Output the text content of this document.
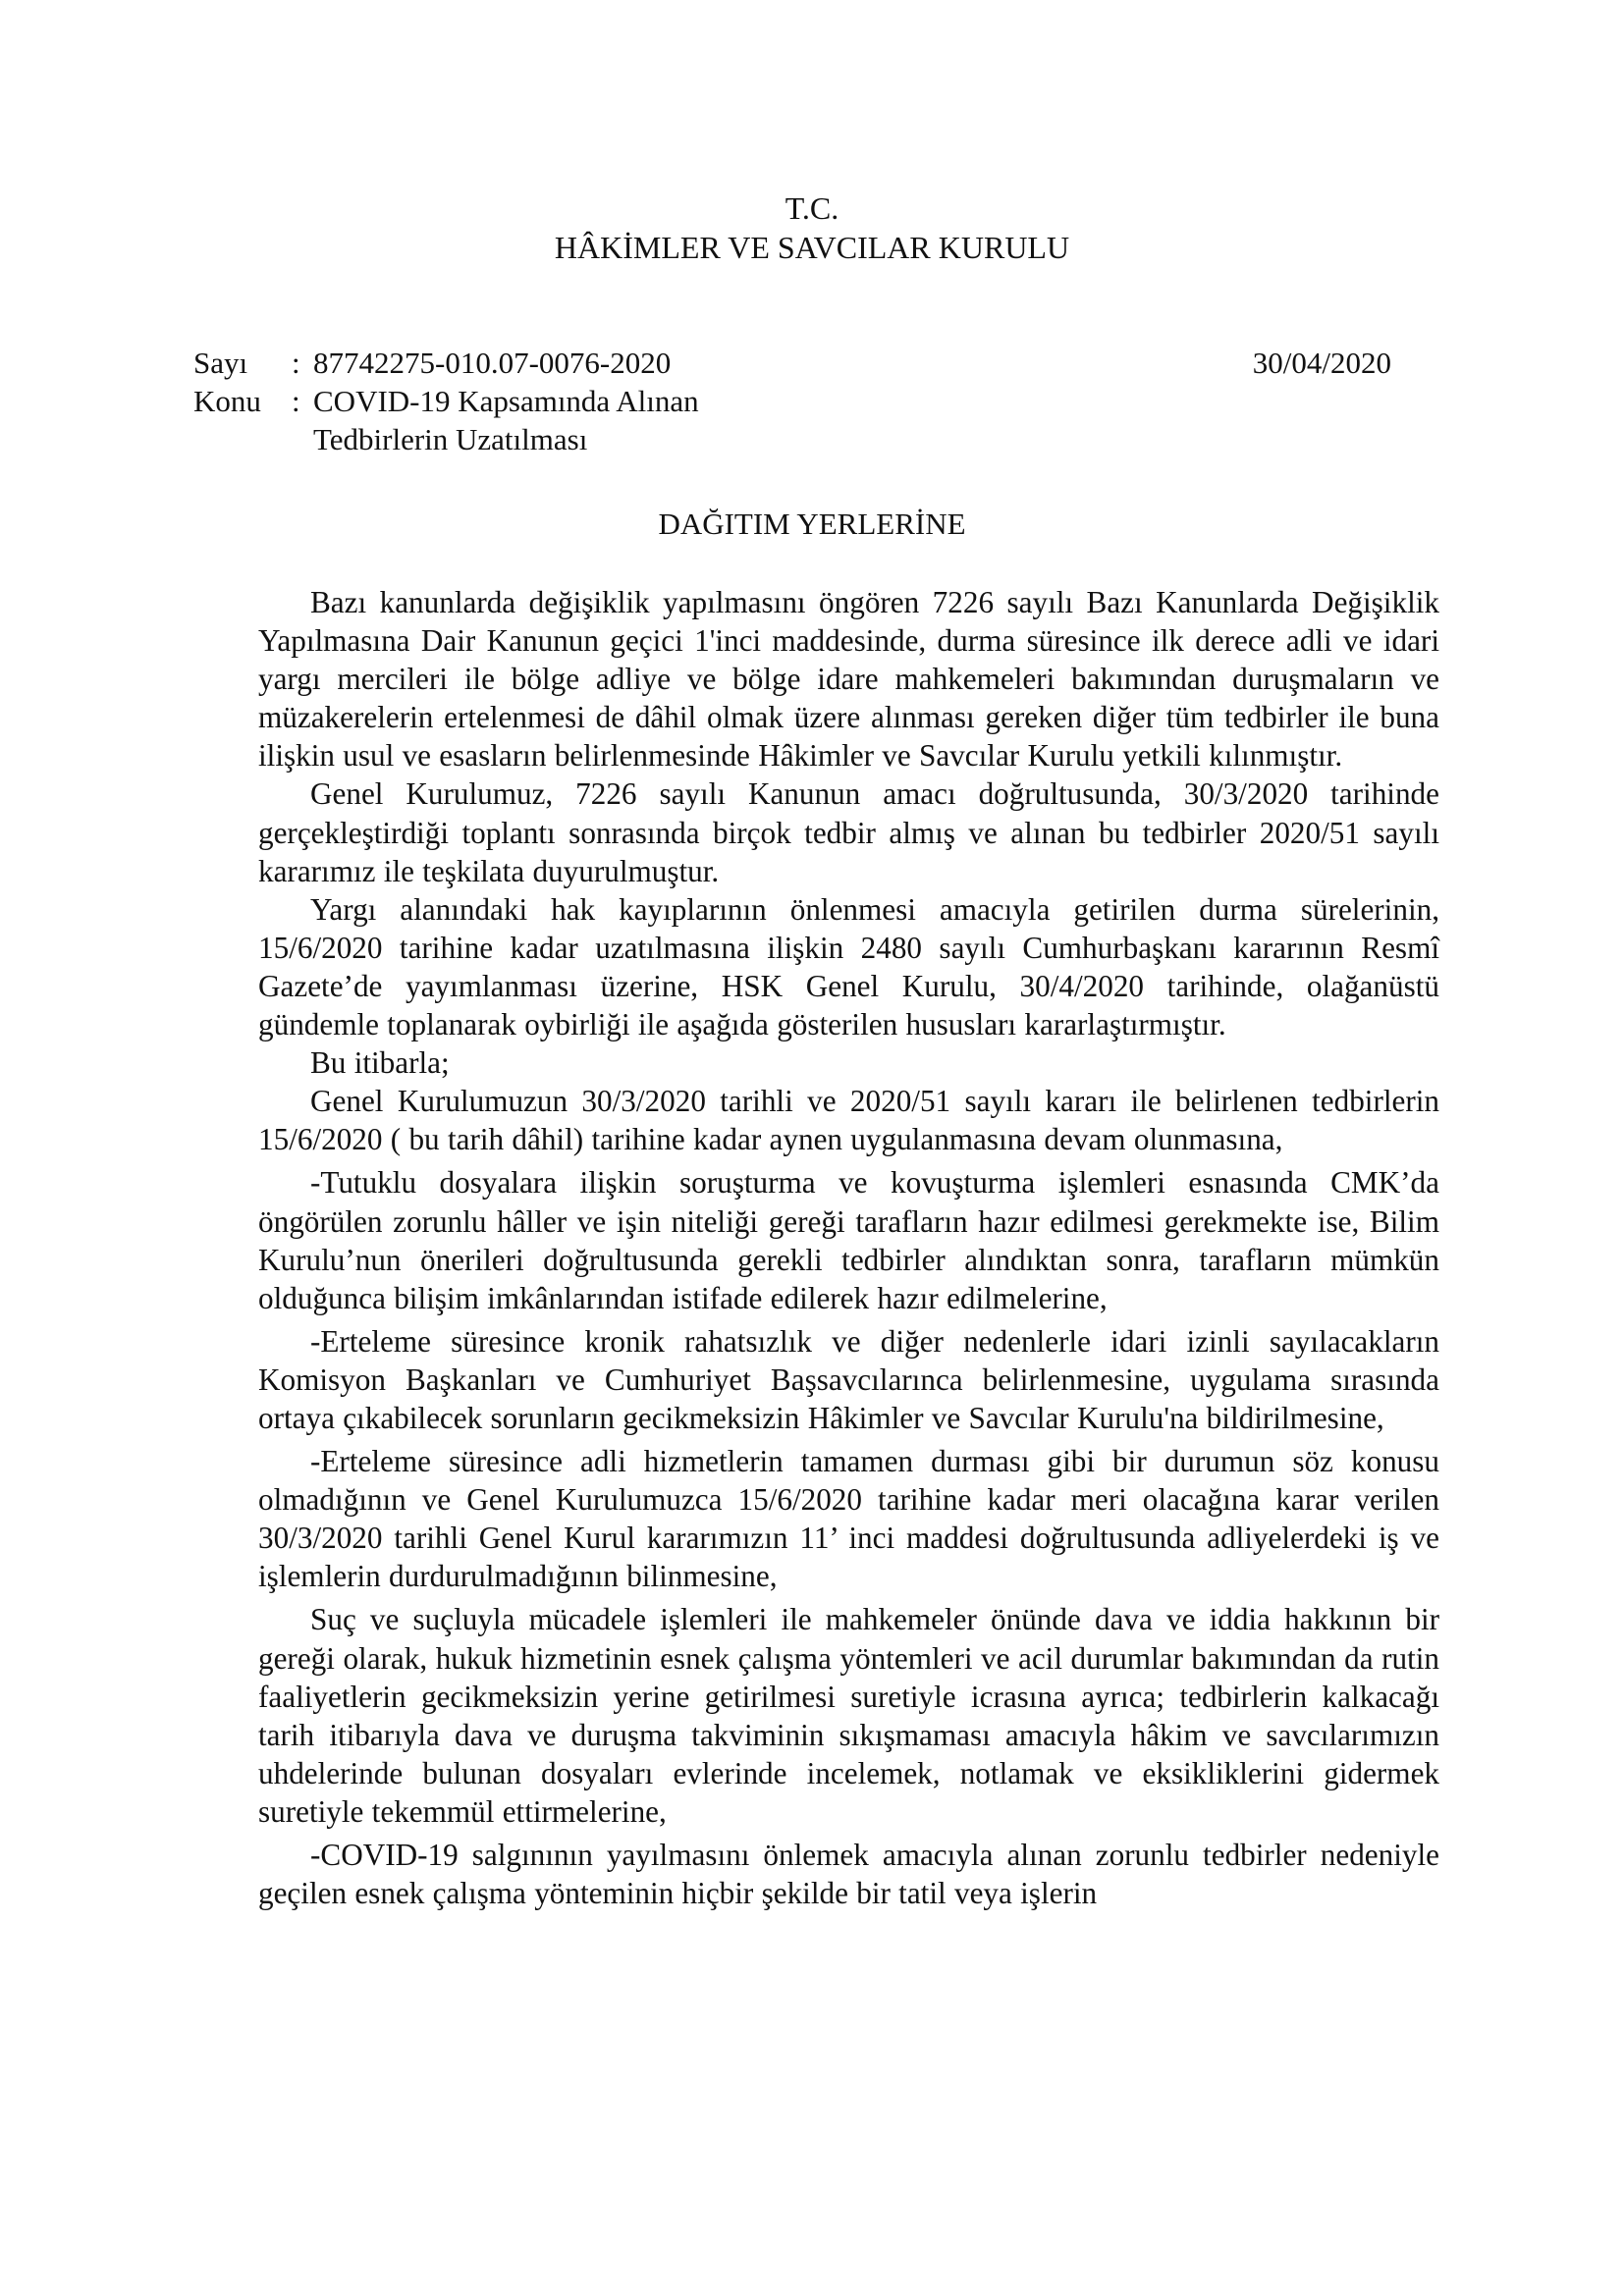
T.C.
HÂKİMLER VE SAVCILAR KURULU
Sayı	: 87742275-010.07-0076-2020	30/04/2020
Konu	: COVID-19 Kapsamında Alınan
Tedbirlerin Uzatılması
DAĞITIM YERLERİNE

Bazı kanunlarda değişiklik yapılmasını öngören 7226 sayılı Bazı Kanunlarda Değişiklik Yapılmasına Dair Kanunun geçici 1'inci maddesinde, durma süresince ilk derece adli ve idari yargı mercileri ile bölge adliye ve bölge idare mahkemeleri bakımından duruşmaların ve müzakerelerin ertelenmesi de dâhil olmak üzere alınması gereken diğer tüm tedbirler ile buna ilişkin usul ve esasların belirlenmesinde Hâkimler ve Savcılar Kurulu yetkili kılınmıştır.

Genel Kurulumuz, 7226 sayılı Kanunun amacı doğrultusunda, 30/3/2020 tarihinde gerçekleştirdiği toplantı sonrasında birçok tedbir almış ve alınan bu tedbirler 2020/51 sayılı kararımız ile teşkilata duyurulmuştur.

Yargı alanındaki hak kayıplarının önlenmesi amacıyla getirilen durma sürelerinin, 15/6/2020 tarihine kadar uzatılmasına ilişkin 2480 sayılı Cumhurbaşkanı kararının Resmî Gazete’de yayımlanması üzerine, HSK Genel Kurulu, 30/4/2020 tarihinde, olağanüstü gündemle toplanarak oybirliği ile aşağıda gösterilen hususları kararlaştırmıştır.

Bu itibarla;

Genel Kurulumuzun 30/3/2020 tarihli ve 2020/51 sayılı kararı ile belirlenen tedbirlerin 15/6/2020 ( bu tarih dâhil) tarihine kadar aynen uygulanmasına devam olunmasına,

-Tutuklu dosyalara ilişkin soruşturma ve kovuşturma işlemleri esnasında CMK’da öngörülen zorunlu hâller ve işin niteliği gereği tarafların hazır edilmesi gerekmekte ise, Bilim Kurulu’nun önerileri doğrultusunda gerekli tedbirler alındıktan sonra, tarafların mümkün olduğunca bilişim imkânlarından istifade edilerek hazır edilmelerine,

-Erteleme süresince kronik rahatsızlık ve diğer nedenlerle idari izinli sayılacakların Komisyon Başkanları ve Cumhuriyet Başsavcılarınca belirlenmesine, uygulama sırasında ortaya çıkabilecek sorunların gecikmeksizin Hâkimler ve Savcılar Kurulu'na bildirilmesine,

-Erteleme süresince adli hizmetlerin tamamen durması gibi bir durumun söz konusu olmadığının ve Genel Kurulumuzca 15/6/2020 tarihine kadar meri olacağına karar verilen 30/3/2020 tarihli Genel Kurul kararımızın 11’ inci maddesi doğrultusunda adliyelerdeki iş ve işlemlerin durdurulmadığının bilinmesine,

Suç ve suçluyla mücadele işlemleri ile mahkemeler önünde dava ve iddia hakkının bir gereği olarak, hukuk hizmetinin esnek çalışma yöntemleri ve acil durumlar bakımından da rutin faaliyetlerin gecikmeksizin yerine getirilmesi suretiyle icrasına ayrıca; tedbirlerin kalkacağı tarih itibarıyla dava ve duruşma takviminin sıkışmaması amacıyla hâkim ve savcılarımızın uhdelerinde bulunan dosyaları evlerinde incelemek, notlamak ve eksikliklerini gidermek suretiyle tekemmül ettirmelerine,

-COVID-19 salgınının yayılmasını önlemek amacıyla alınan zorunlu tedbirler nedeniyle geçilen esnek çalışma yönteminin hiçbir şekilde bir tatil veya işlerin
